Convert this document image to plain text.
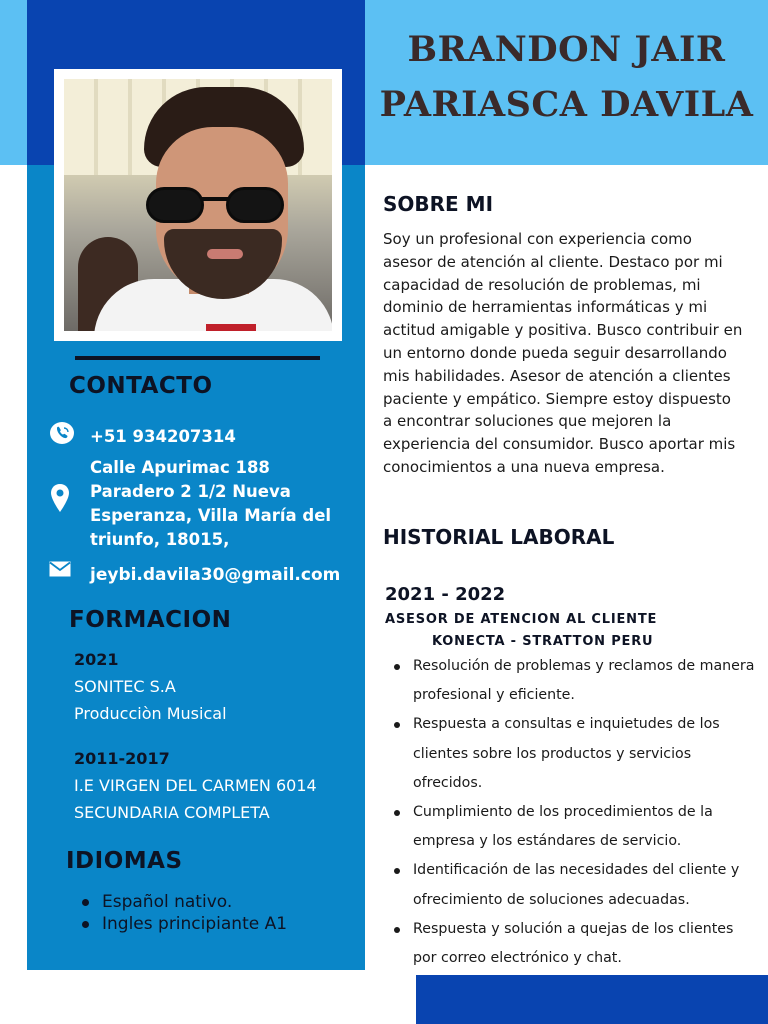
BRANDON JAIR
PARIASCA DAVILA
CONTACTO
+51 934207314
Calle Apurimac 188 Paradero 2 1/2 Nueva Esperanza, Villa María del triunfo, 18015,
jeybi.davila30@gmail.com
FORMACION
2021
SONITEC S.A
Producciòn Musical
2011-2017
I.E VIRGEN DEL CARMEN 6014
SECUNDARIA COMPLETA
IDIOMAS
Español nativo.
Ingles principiante A1
SOBRE MI
Soy un profesional con experiencia como asesor de atención al cliente. Destaco por mi capacidad de resolución de problemas, mi dominio de herramientas informáticas y mi actitud amigable y positiva. Busco contribuir en un entorno donde pueda seguir desarrollando mis habilidades. Asesor de atención a clientes paciente y empático. Siempre estoy dispuesto a encontrar soluciones que mejoren la experiencia del consumidor. Busco aportar mis conocimientos a una nueva empresa.
HISTORIAL LABORAL
2021 - 2022
ASESOR DE ATENCION AL CLIENTE
KONECTA - STRATTON PERU
Resolución de problemas y reclamos de manera profesional y eficiente.
Respuesta a consultas e inquietudes de los clientes sobre los productos y servicios ofrecidos.
Cumplimiento de los procedimientos de la empresa y los estándares de servicio.
Identificación de las necesidades del cliente y ofrecimiento de soluciones adecuadas.
Respuesta y solución a quejas de los clientes por correo electrónico y chat.
